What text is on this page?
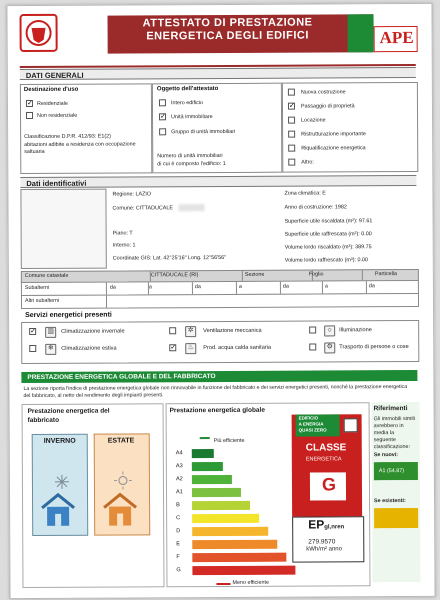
ATTESTATO DI PRESTAZIONE
ENERGETICA DEGLI EDIFICI	APE
DATI GENERALI
Destinazione d'uso
✓ Residenziale
Non residenziale
Classificazione D.P.R. 412/93: E1(2)
abitazioni adibite a residenza con occupazione saltuaria
Oggetto dell'attestato
Intero edificio
✓ Unità immobiliare
Gruppo di unità immobiliari
Numero di unità immobiliari
di cui è composto l'edificio: 1
Nuova costruzione
✓ Passaggio di proprietà
Locazione
Ristrutturazione importante
Riqualificazione energetica
Altro:
Dati identificativi
Regione: LAZIO
Comune: CITTADUCALE
Piano: T
Interno: 1
Coordinate GIS: Lat. 42°25'16" Long. 12°56'56"
Zona climatica: E
Anno di costruzione: 1982
Superficie utile riscaldata (m²): 97.61
Superficie utile raffrescata (m²): 0.00
Volume lordo riscaldato (m³): 389.75
Volume lordo raffrescato (m³): 0.00
Comune catastale	CITTADUCALE (RI)	Sezione	Foglio	Particella
Subalterni	da	a	da	a	da	a	da
Altri subalterni
Servizi energetici presenti
✓	▥	Climatizzazione invernale
❄	Climatizzazione estiva
✲	Ventilazione meccanica
✓	♨	Prod. acqua calda sanitaria
☼	Illuminazione
⚙	Trasporto di persone o cose
PRESTAZIONE ENERGETICA GLOBALE E DEL FABBRICATO
La sezione riporta l'indice di prestazione energetica globale non rinnovabile in funzione del fabbricato e dei servizi energetici presenti, nonché la prestazione energetica del fabbricato, al netto del rendimento degli impianti presenti.
Prestazione energetica del
fabbricato
INVERNO	ESTATE
Prestazione energetica globale
Più efficiente
A4
A3
A2
A1
B
C
D
E
F
G
Meno efficiente
EDIFICIO
A ENERGIA
QUASI ZERO
CLASSE
ENERGETICA
G
EPgl,nren
279.9570
kWh/m² anno
Riferimenti
Gli immobili simili avrebbero in media la seguente classificazione:
Se nuovi:
A1 (54.87)
Se esistenti:
